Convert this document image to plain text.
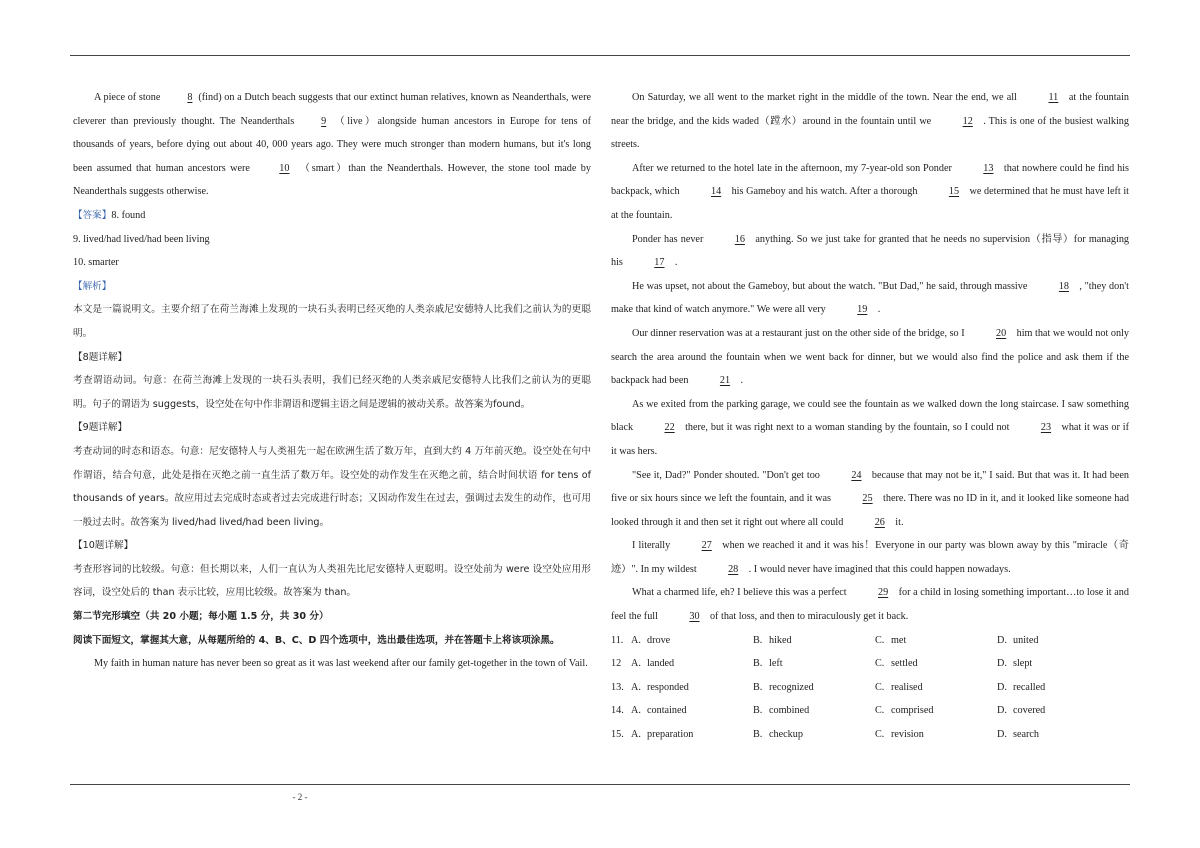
A piece of stone	8 (find) on a Dutch beach suggests that our extinct human relatives, known as Neanderthals, were cleverer than previously thought. The Neanderthals	9 （live）alongside human ancestors in Europe for tens of thousands of years, before dying out about 40, 000 years ago. They were much stronger than modern humans, but it's long been assumed that human ancestors were	10 （smart）than the Neanderthals. However, the stone tool made by Neanderthals suggests otherwise.

【答案】8. found

9. lived/had lived/had been living

10. smarter

【解析】

本文是一篇说明文。主要介绍了在荷兰海滩上发现的一块石头表明已经灭绝的人类亲戚尼安德特人比我们之前认为的更聪明。

【8题详解】

考查谓语动词。句意：在荷兰海滩上发现的一块石头表明，我们已经灭绝的人类亲戚尼安德特人比我们之前认为的更聪明。句子的谓语为 suggests，设空处在句中作非谓语和逻辑主语之间是逻辑的被动关系。故答案为found。

【9题详解】

考查动词的时态和语态。句意：尼安德特人与人类祖先一起在欧洲生活了数万年，直到大约 4 万年前灭绝。设空处在句中作谓语，结合句意，此处是指在灭绝之前一直生活了数万年。设空处的动作发生在灭绝之前，结合时间状语 for tens of thousands of years。故应用过去完成时态或者过去完成进行时态；又因动作发生在过去，强调过去发生的动作，也可用一般过去时。故答案为 lived/had lived/had been living。

【10题详解】

考查形容词的比较级。句意：但长期以来，人们一直认为人类祖先比尼安德特人更聪明。设空处前为 were 设空处应用形容词，设空处后的 than 表示比较，应用比较级。故答案为 than。

第二节完形填空（共 20 小题；每小题 1.5 分，共 30 分）

阅读下面短文，掌握其大意，从每题所给的 4、B、C、D 四个选项中，选出最佳选项，并在答题卡上将该项涂黑。

My faith in human nature has never been so great as it was last weekend after our family get-together in the town of Vail.

On Saturday, we all went to the market right in the middle of the town. Near the end, we all	11 at the fountain near the bridge, and the kids waded（蹚水）around in the fountain until we	12 . This is one of the busiest walking streets.

After we returned to the hotel late in the afternoon, my 7-year-old son Ponder	13 that nowhere could he find his backpack, which	14 his Gameboy and his watch. After a thorough	15 we determined that he must have left it at the fountain.

Ponder has never	16 anything. So we just take for granted that he needs no supervision（指导）for managing his	17 .

He was upset, not about the Gameboy, but about the watch. "But Dad," he said, through massive	18 , "they don't make that kind of watch anymore." We were all very	19 .

Our dinner reservation was at a restaurant just on the other side of the bridge, so I	20 him that we would not only search the area around the fountain when we went back for dinner, but we would also find the police and ask them if the backpack had been	21 .

As we exited from the parking garage, we could see the fountain as we walked down the long staircase. I saw something black	22 there, but it was right next to a woman standing by the fountain, so I could not	23 what it was or if it was hers.

"See it, Dad?" Ponder shouted. "Don't get too	24 because that may not be it," I said. But that was it. It had been five or six hours since we left the fountain, and it was	25 there. There was no ID in it, and it looked like someone had looked through it and then set it right out where all could	26 it.

I literally	27 when we reached it and it was his！Everyone in our party was blown away by this "miracle（奇迹）". In my wildest	28 . I would never have imagined that this could happen nowadays.

What a charmed life, eh? I believe this was a perfect	29 for a child in losing something important…to lose it and feel the full	30 of that loss, and then to miraculously get it back.

11. A. drove	B. hiked	C. met	D. united
12 A. landed	B. left	C. settled	D. slept
13. A. responded	B. recognized	C. realised	D. recalled
14. A. contained	B. combined	C. comprised	D. covered
15. A. preparation	B. checkup	C. revision	D. search
- 2 -
